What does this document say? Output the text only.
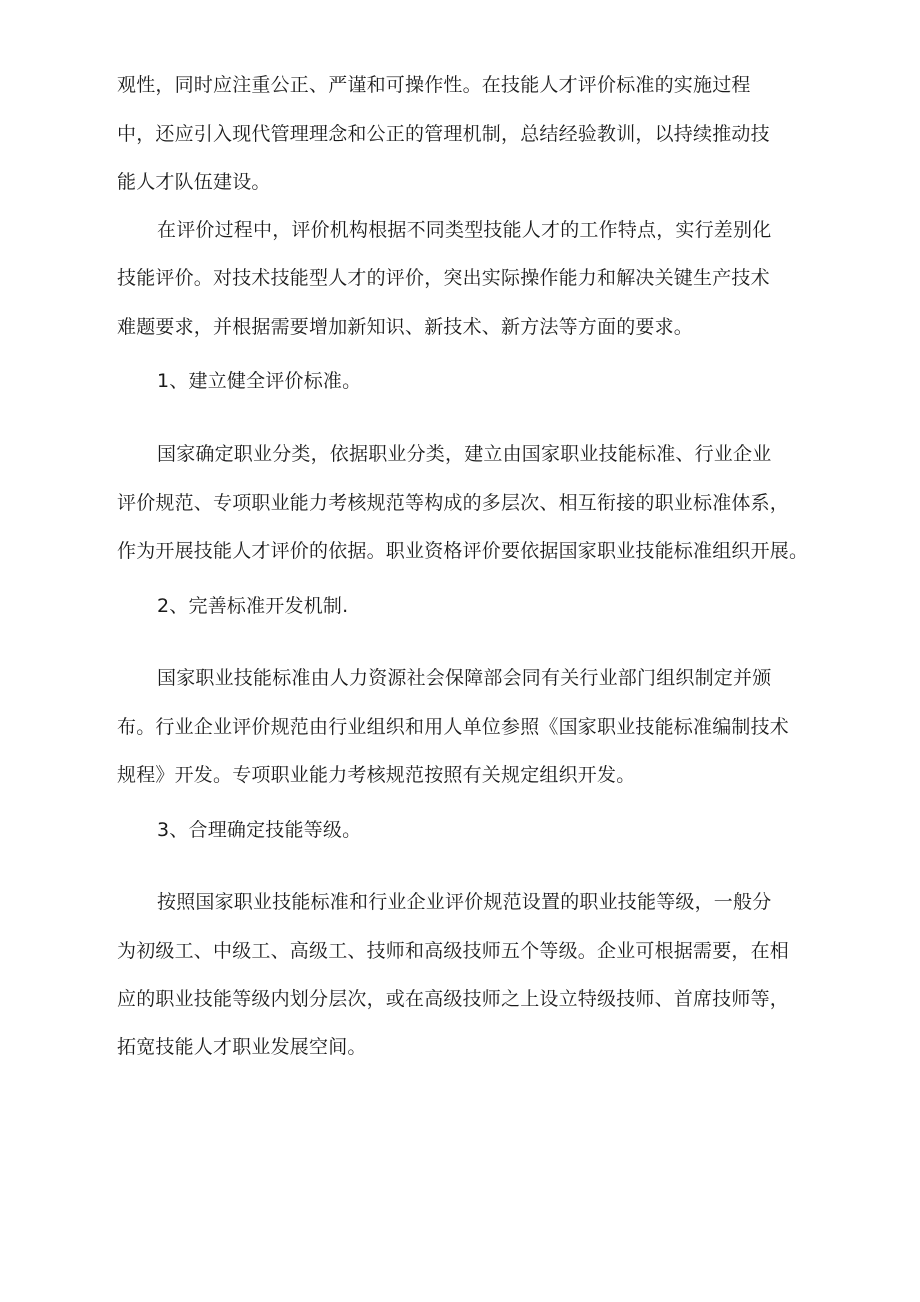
观性，同时应注重公正、严谨和可操作性。在技能人才评价标准的实施过程
中，还应引入现代管理理念和公正的管理机制，总结经验教训，以持续推动技
能人才队伍建设。
在评价过程中，评价机构根据不同类型技能人才的工作特点，实行差别化
技能评价。对技术技能型人才的评价，突出实际操作能力和解决关键生产技术
难题要求，并根据需要增加新知识、新技术、新方法等方面的要求。
1、建立健全评价标准。
国家确定职业分类，依据职业分类，建立由国家职业技能标准、行业企业
评价规范、专项职业能力考核规范等构成的多层次、相互衔接的职业标准体系，
作为开展技能人才评价的依据。职业资格评价要依据国家职业技能标准组织开展。
2、完善标准开发机制.
国家职业技能标准由人力资源社会保障部会同有关行业部门组织制定并颁
布。行业企业评价规范由行业组织和用人单位参照《国家职业技能标准编制技术
规程》开发。专项职业能力考核规范按照有关规定组织开发。
3、合理确定技能等级。
按照国家职业技能标准和行业企业评价规范设置的职业技能等级，一般分
为初级工、中级工、高级工、技师和高级技师五个等级。企业可根据需要，在相
应的职业技能等级内划分层次，或在高级技师之上设立特级技师、首席技师等，
拓宽技能人才职业发展空间。
